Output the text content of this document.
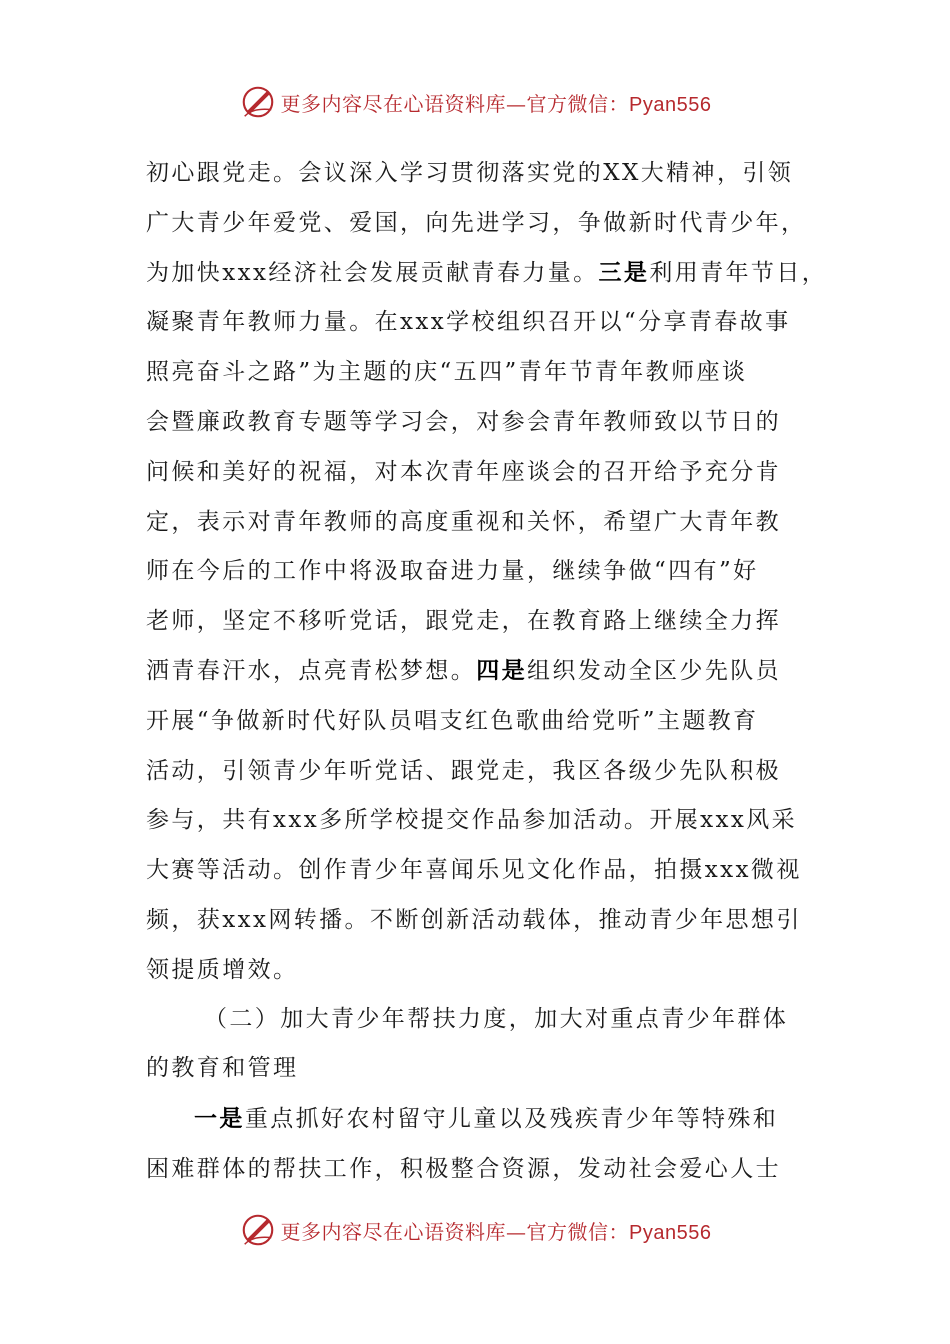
更多内容尽在心语资料库—官方微信：Pyan556
初心跟党走。会议深入学习贯彻落实党的XX大精神，引领
广大青少年爱党、爱国，向先进学习，争做新时代青少年，
为加快xxx经济社会发展贡献青春力量。三是利用青年节日，
凝聚青年教师力量。在xxx学校组织召开以“分享青春故事
照亮奋斗之路”为主题的庆“五四”青年节青年教师座谈
会暨廉政教育专题等学习会，对参会青年教师致以节日的
问候和美好的祝福，对本次青年座谈会的召开给予充分肯
定，表示对青年教师的高度重视和关怀，希望广大青年教
师在今后的工作中将汲取奋进力量，继续争做“四有”好
老师，坚定不移听党话，跟党走，在教育路上继续全力挥
洒青春汗水，点亮青松梦想。四是组织发动全区少先队员
开展“争做新时代好队员唱支红色歌曲给党听”主题教育
活动，引领青少年听党话、跟党走，我区各级少先队积极
参与，共有xxx多所学校提交作品参加活动。开展xxx风采
大赛等活动。创作青少年喜闻乐见文化作品，拍摄xxx微视
频，获xxx网转播。不断创新活动载体，推动青少年思想引
领提质增效。
（二）加大青少年帮扶力度，加大对重点青少年群体
的教育和管理
一是重点抓好农村留守儿童以及残疾青少年等特殊和
困难群体的帮扶工作，积极整合资源，发动社会爱心人士
更多内容尽在心语资料库—官方微信：Pyan556
